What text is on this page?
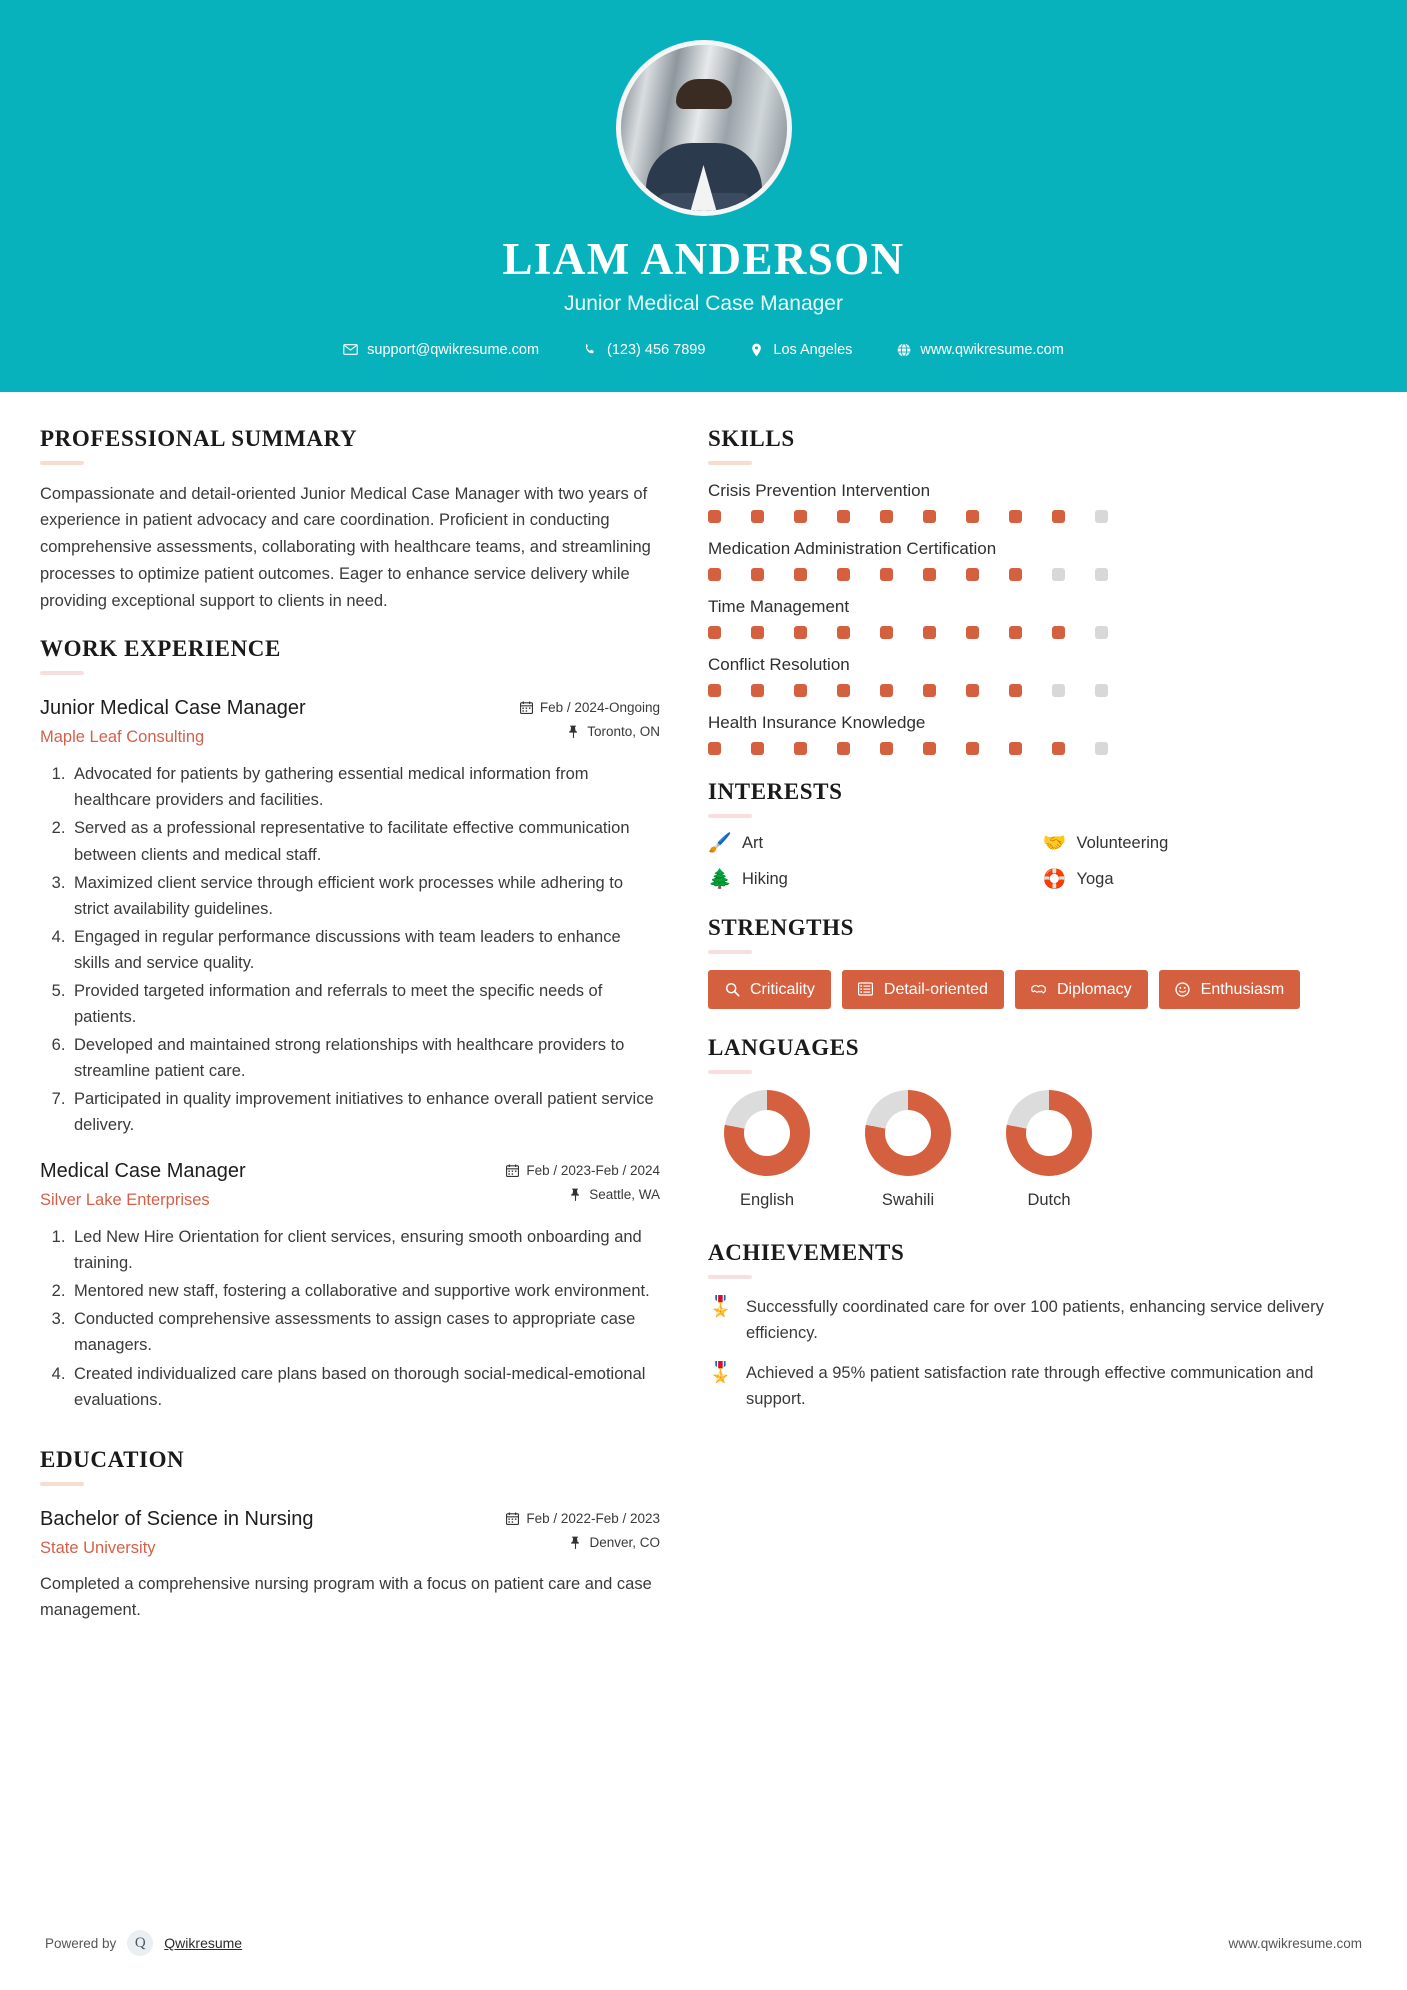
LIAM ANDERSON
Junior Medical Case Manager
support@qwikresume.com	(123) 456 7899	Los Angeles	www.qwikresume.com
PROFESSIONAL SUMMARY
Compassionate and detail-oriented Junior Medical Case Manager with two years of experience in patient advocacy and care coordination. Proficient in conducting comprehensive assessments, collaborating with healthcare teams, and streamlining processes to optimize patient outcomes. Eager to enhance service delivery while providing exceptional support to clients in need.
WORK EXPERIENCE
Junior Medical Case Manager
Maple Leaf Consulting
Feb / 2024-Ongoing
Toronto, ON
1. Advocated for patients by gathering essential medical information from healthcare providers and facilities.
2. Served as a professional representative to facilitate effective communication between clients and medical staff.
3. Maximized client service through efficient work processes while adhering to strict availability guidelines.
4. Engaged in regular performance discussions with team leaders to enhance skills and service quality.
5. Provided targeted information and referrals to meet the specific needs of patients.
6. Developed and maintained strong relationships with healthcare providers to streamline patient care.
7. Participated in quality improvement initiatives to enhance overall patient service delivery.
Medical Case Manager
Silver Lake Enterprises
Feb / 2023-Feb / 2024
Seattle, WA
1. Led New Hire Orientation for client services, ensuring smooth onboarding and training.
2. Mentored new staff, fostering a collaborative and supportive work environment.
3. Conducted comprehensive assessments to assign cases to appropriate case managers.
4. Created individualized care plans based on thorough social-medical-emotional evaluations.
EDUCATION
Bachelor of Science in Nursing
State University
Feb / 2022-Feb / 2023
Denver, CO
Completed a comprehensive nursing program with a focus on patient care and case management.
SKILLS
Crisis Prevention Intervention
Medication Administration Certification
Time Management
Conflict Resolution
Health Insurance Knowledge
INTERESTS
🖌️ Art	🤝 Volunteering
🌲 Hiking	🛟 Yoga
STRENGTHS
Criticality	Detail-oriented	Diplomacy	Enthusiasm
LANGUAGES
English	Swahili	Dutch
ACHIEVEMENTS
🎖️ Successfully coordinated care for over 100 patients, enhancing service delivery efficiency.
🎖️ Achieved a 95% patient satisfaction rate through effective communication and support.
Powered by	Q	Qwikresume	www.qwikresume.com
